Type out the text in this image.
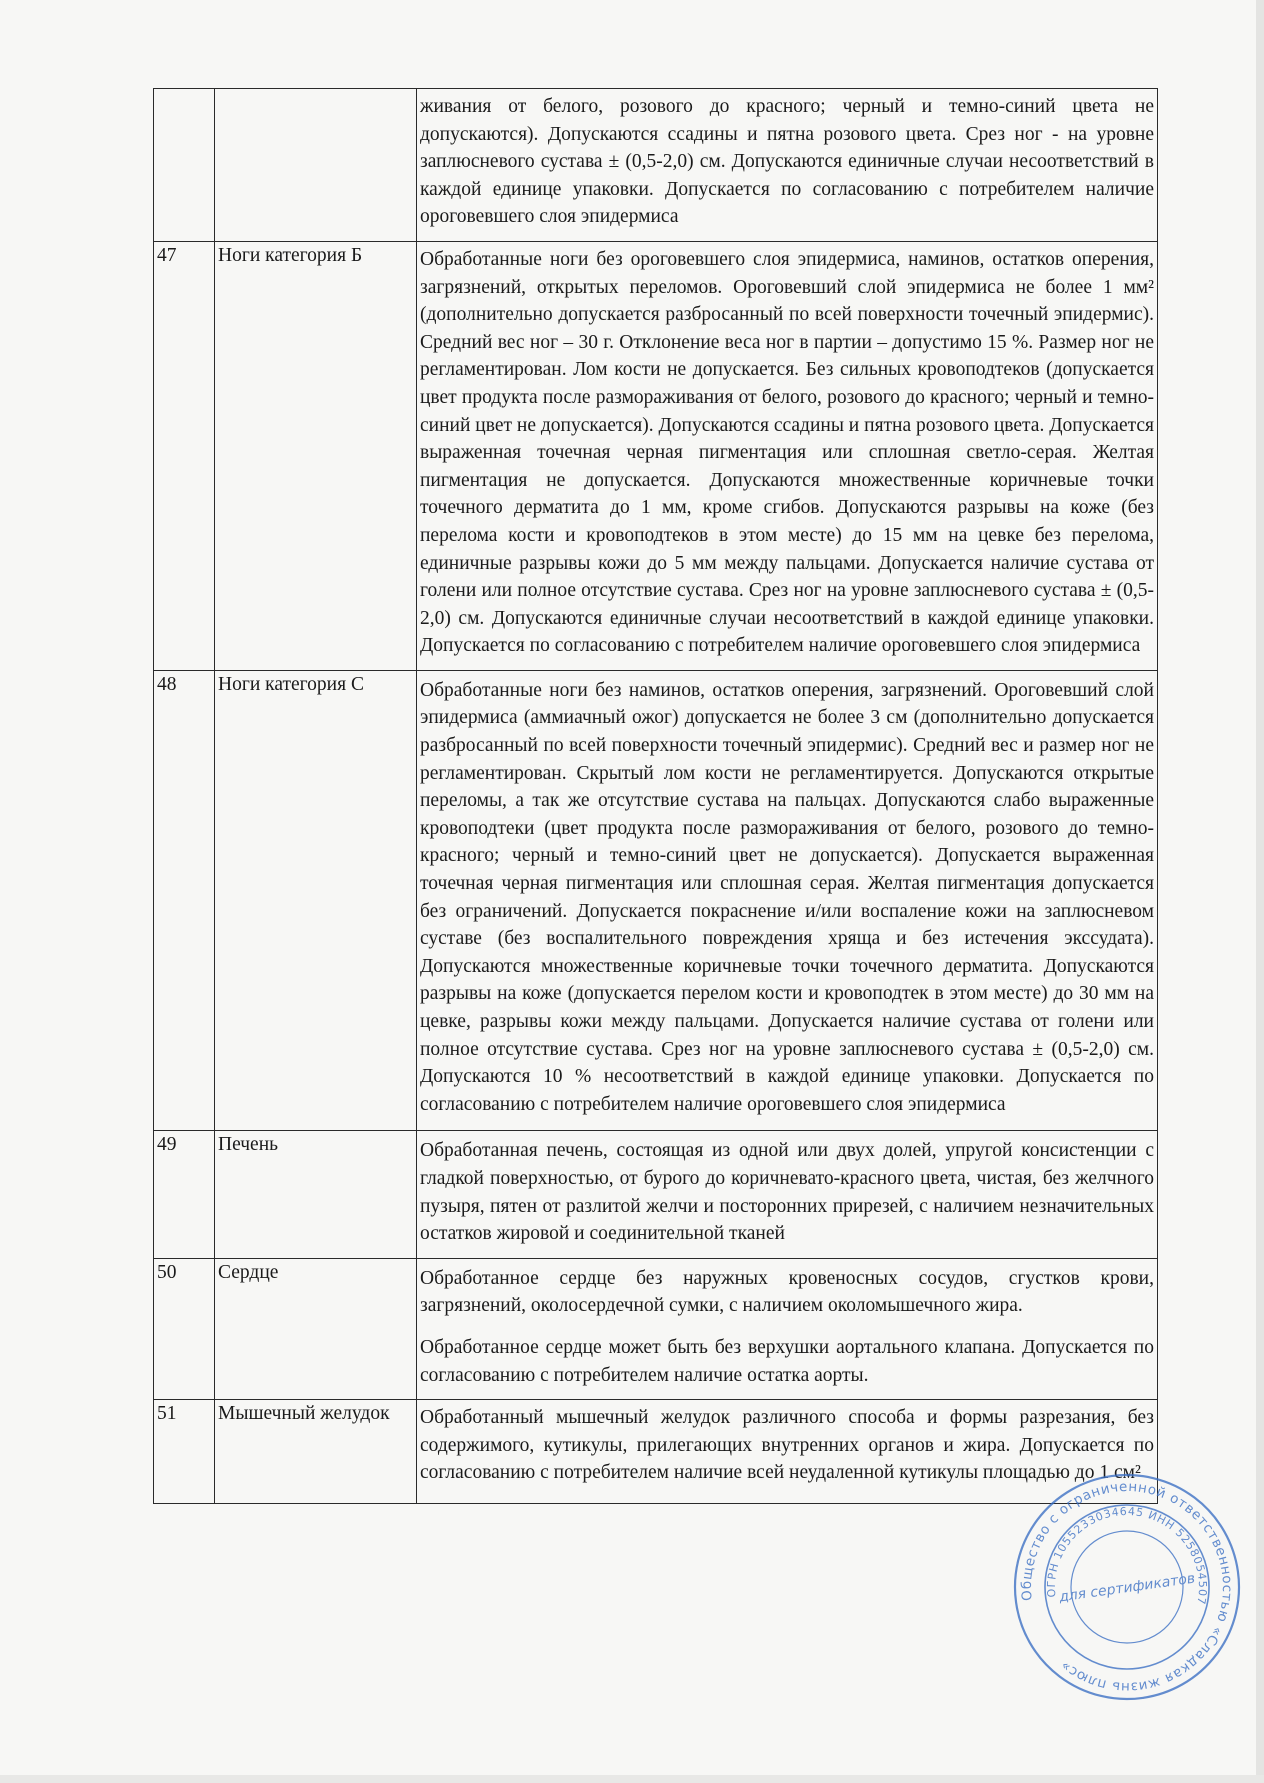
		живания от белого, розового до красного; черный и темно-синий цвета не допускаются). Допускаются ссадины и пятна розового цвета. Срез ног - на уровне заплюсневого сустава ± (0,5-2,0) см. Допускаются единичные случаи несоответствий в каждой единице упаковки. Допускается по согласованию с потребителем наличие ороговевшего слоя эпидермиса

47	Ноги категория Б	Обработанные ноги без ороговевшего слоя эпидермиса, наминов, остатков оперения, загрязнений, открытых переломов. Ороговевший слой эпидермиса не более 1 мм² (дополнительно допускается разбросанный по всей поверхности точечный эпидермис). Средний вес ног – 30 г. Отклонение веса ног в партии – допустимо 15 %. Размер ног не регламентирован. Лом кости не допускается. Без сильных кровоподтеков (допускается цвет продукта после размораживания от белого, розового до красного; черный и темно-синий цвет не допускается). Допускаются ссадины и пятна розового цвета. Допускается выраженная точечная черная пигментация или сплошная светло-серая. Желтая пигментация не допускается. Допускаются множественные коричневые точки точечного дерматита до 1 мм, кроме сгибов. Допускаются разрывы на коже (без перелома кости и кровоподтеков в этом месте) до 15 мм на цевке без перелома, единичные разрывы кожи до 5 мм между пальцами. Допускается наличие сустава от голени или полное отсутствие сустава. Срез ног на уровне заплюсневого сустава ± (0,5-2,0) см. Допускаются единичные случаи несоответствий в каждой единице упаковки. Допускается по согласованию с потребителем наличие ороговевшего слоя эпидермиса

48	Ноги категория С	Обработанные ноги без наминов, остатков оперения, загрязнений. Ороговевший слой эпидермиса (аммиачный ожог) допускается не более 3 см (дополнительно допускается разбросанный по всей поверхности точечный эпидермис). Средний вес и размер ног не регламентирован. Скрытый лом кости не регламентируется. Допускаются открытые переломы, а так же отсутствие сустава на пальцах. Допускаются слабо выраженные кровоподтеки (цвет продукта после размораживания от белого, розового до темно-красного; черный и темно-синий цвет не допускается). Допускается выраженная точечная черная пигментация или сплошная серая. Желтая пигментация допускается без ограничений. Допускается покраснение и/или воспаление кожи на заплюсневом суставе (без воспалительного повреждения хряща и без истечения экссудата). Допускаются множественные коричневые точки точечного дерматита. Допускаются разрывы на коже (допускается перелом кости и кровоподтек в этом месте) до 30 мм на цевке, разрывы кожи между пальцами. Допускается наличие сустава от голени или полное отсутствие сустава. Срез ног на уровне заплюсневого сустава ± (0,5-2,0) см. Допускаются 10 % несоответствий в каждой единице упаковки. Допускается по согласованию с потребителем наличие ороговевшего слоя эпидермиса

49	Печень	Обработанная печень, состоящая из одной или двух долей, упругой консистенции с гладкой поверхностью, от бурого до коричневато-красного цвета, чистая, без желчного пузыря, пятен от разлитой желчи и посторонних прирезей, с наличием незначительных остатков жировой и соединительной тканей

50	Сердце	Обработанное сердце без наружных кровеносных сосудов, сгустков крови, загрязнений, околосердечной сумки, с наличием околомышечного жира.
Обработанное сердце может быть без верхушки аортального клапана. Допускается по согласованию с потребителем наличие остатка аорты.

51	Мышечный желудок	Обработанный мышечный желудок различного способа и формы разрезания, без содержимого, кутикулы, прилегающих внутренних органов и жира. Допускается по согласованию с потребителем наличие всей неудаленной кутикулы площадью до 1 см²
Общество с ограниченной ответственностью «Сладкая жизнь плюс»
ОГРН 1055233034645 ИНН 5258054507
для сертификатов
